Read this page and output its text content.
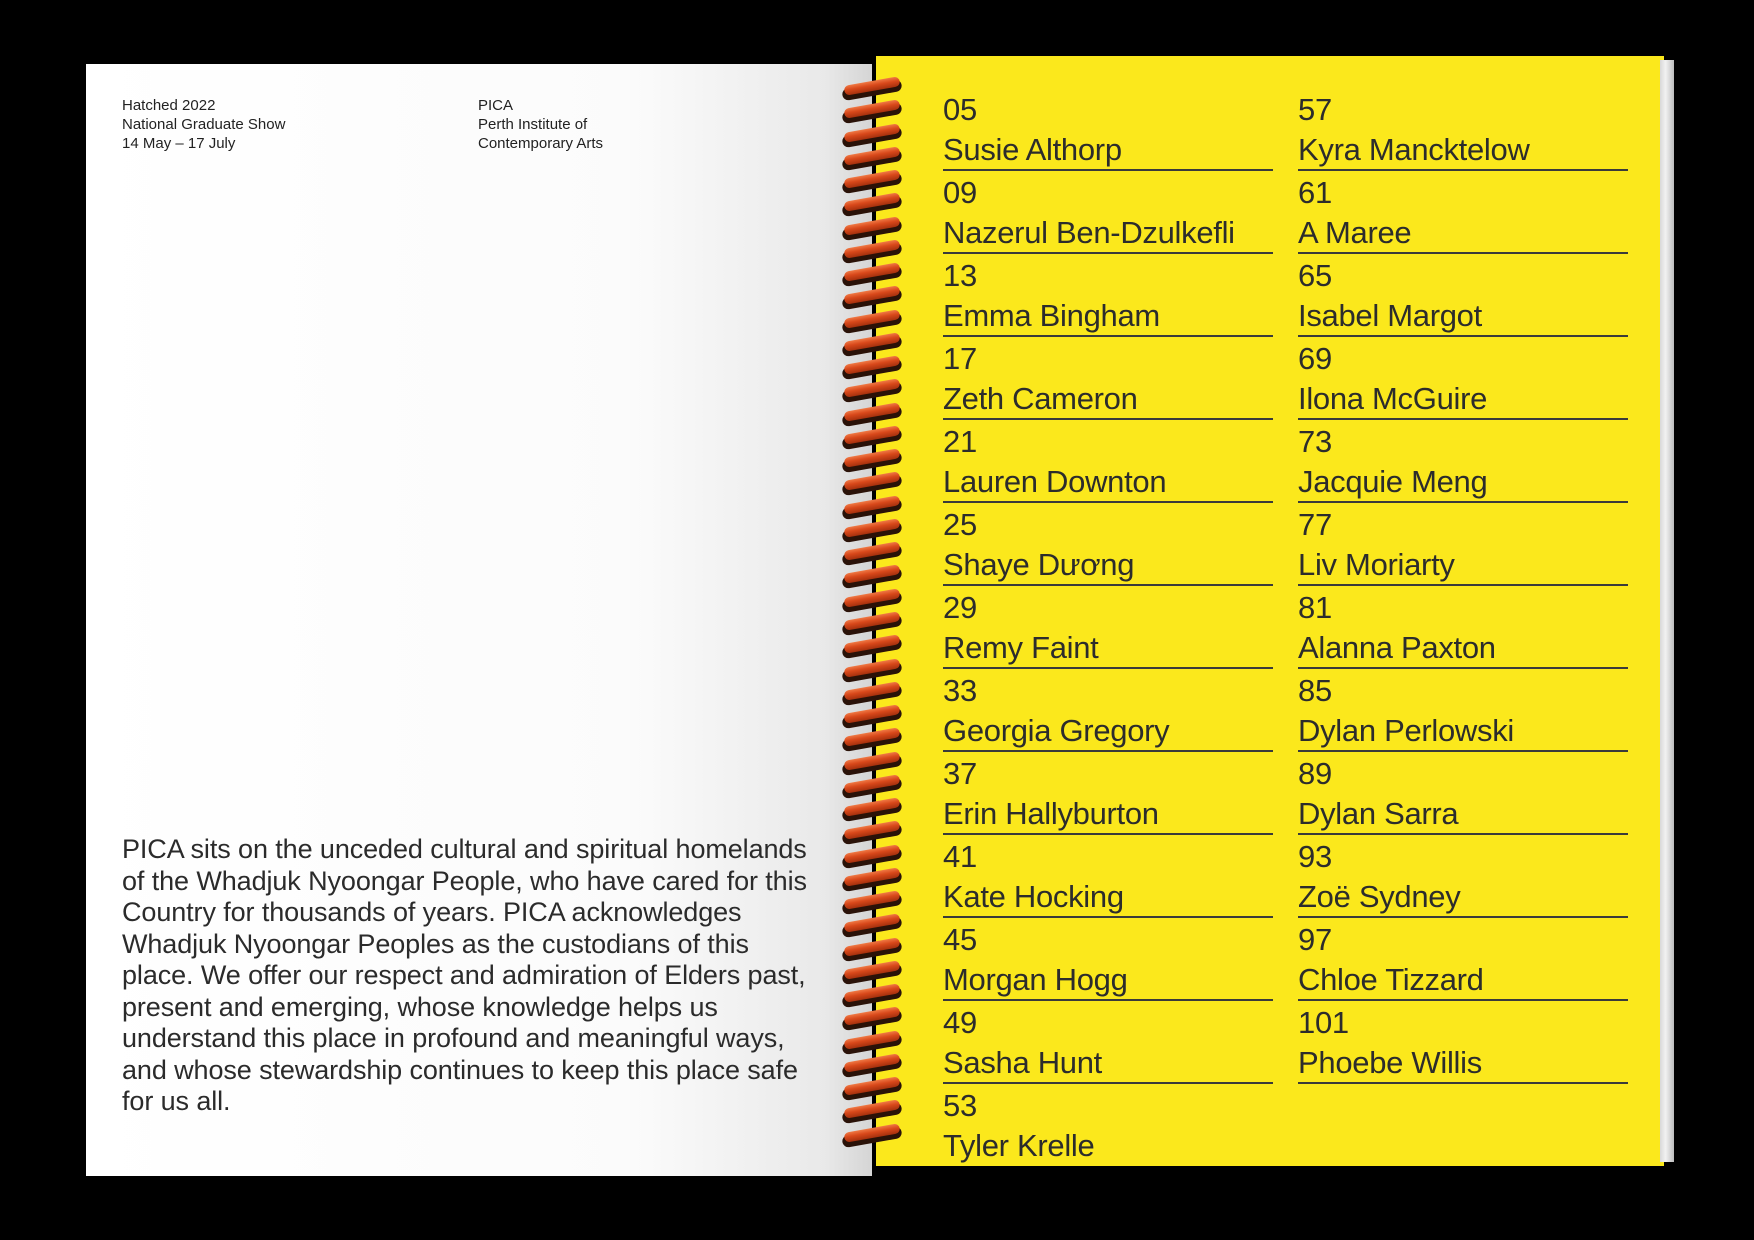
Hatched 2022
National Graduate Show
14 May – 17 July
PICA
Perth Institute of
Contemporary Arts
PICA sits on the unceded cultural and spiritual homelands of the Whadjuk Nyoongar People, who have cared for this Country for thousands of years. PICA acknowledges Whadjuk Nyoongar Peoples as the custodians of this place. We offer our respect and admiration of Elders past, present and emerging, whose knowledge helps us understand this place in profound and meaningful ways, and whose stewardship continues to keep this place safe for us all.
05
Susie Althorp
09
Nazerul Ben-Dzulkefli
13
Emma Bingham
17
Zeth Cameron
21
Lauren Downton
25
Shaye Dương
29
Remy Faint
33
Georgia Gregory
37
Erin Hallyburton
41
Kate Hocking
45
Morgan Hogg
49
Sasha Hunt
53
Tyler Krelle
57
Kyra Mancktelow
61
A Maree
65
Isabel Margot
69
Ilona McGuire
73
Jacquie Meng
77
Liv Moriarty
81
Alanna Paxton
85
Dylan Perlowski
89
Dylan Sarra
93
Zoë Sydney
97
Chloe Tizzard
101
Phoebe Willis
